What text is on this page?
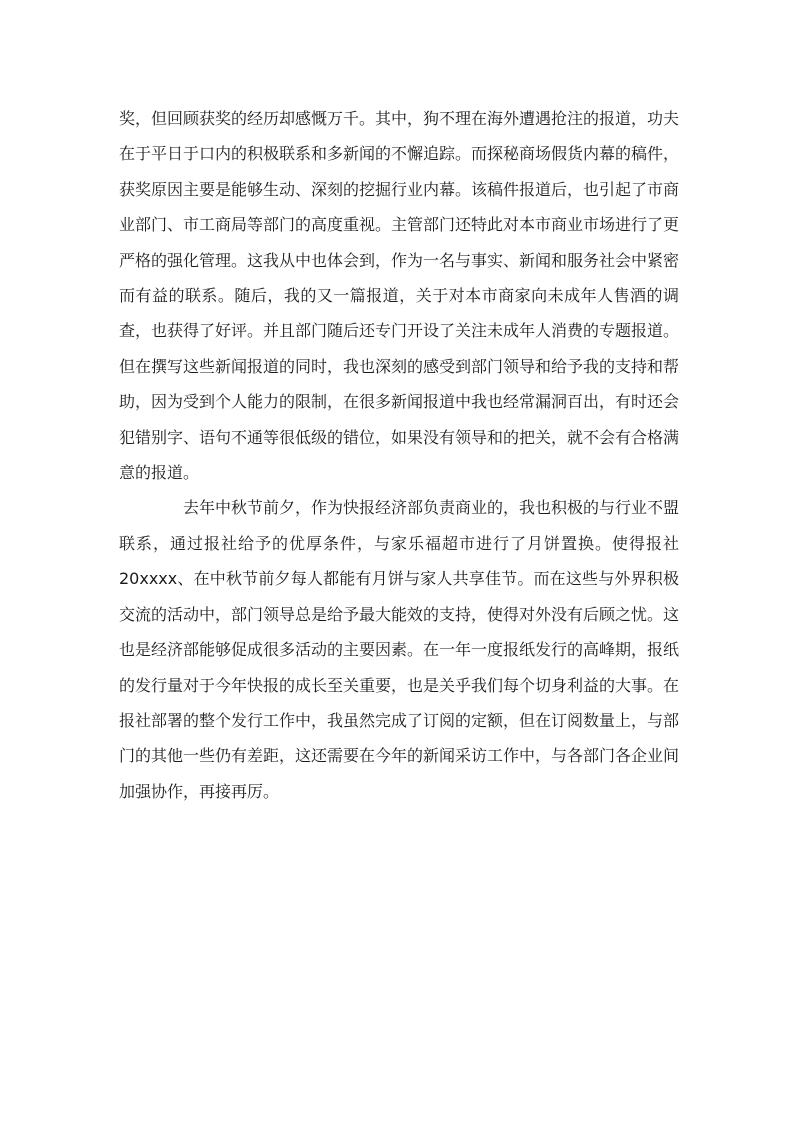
奖，但回顾获奖的经历却感慨万千。其中，狗不理在海外遭遇抢注的报道，功夫在于平日于口内的积极联系和多新闻的不懈追踪。而探秘商场假货内幕的稿件，获奖原因主要是能够生动、深刻的挖掘行业内幕。该稿件报道后，也引起了市商业部门、市工商局等部门的高度重视。主管部门还特此对本市商业市场进行了更严格的强化管理。这我从中也体会到，作为一名与事实、新闻和服务社会中紧密而有益的联系。随后，我的又一篇报道，关于对本市商家向未成年人售酒的调查，也获得了好评。并且部门随后还专门开设了关注未成年人消费的专题报道。但在撰写这些新闻报道的同时，我也深刻的感受到部门领导和给予我的支持和帮助，因为受到个人能力的限制，在很多新闻报道中我也经常漏洞百出，有时还会犯错别字、语句不通等很低级的错位，如果没有领导和的把关，就不会有合格满意的报道。

去年中秋节前夕，作为快报经济部负责商业的，我也积极的与行业不盟联系，通过报社给予的优厚条件，与家乐福超市进行了月饼置换。使得报社 20xxxx、在中秋节前夕每人都能有月饼与家人共享佳节。而在这些与外界积极交流的活动中，部门领导总是给予最大能效的支持，使得对外没有后顾之忧。这也是经济部能够促成很多活动的主要因素。在一年一度报纸发行的高峰期，报纸的发行量对于今年快报的成长至关重要，也是关乎我们每个切身利益的大事。在报社部署的整个发行工作中，我虽然完成了订阅的定额，但在订阅数量上，与部门的其他一些仍有差距，这还需要在今年的新闻采访工作中，与各部门各企业间加强协作，再接再厉。
